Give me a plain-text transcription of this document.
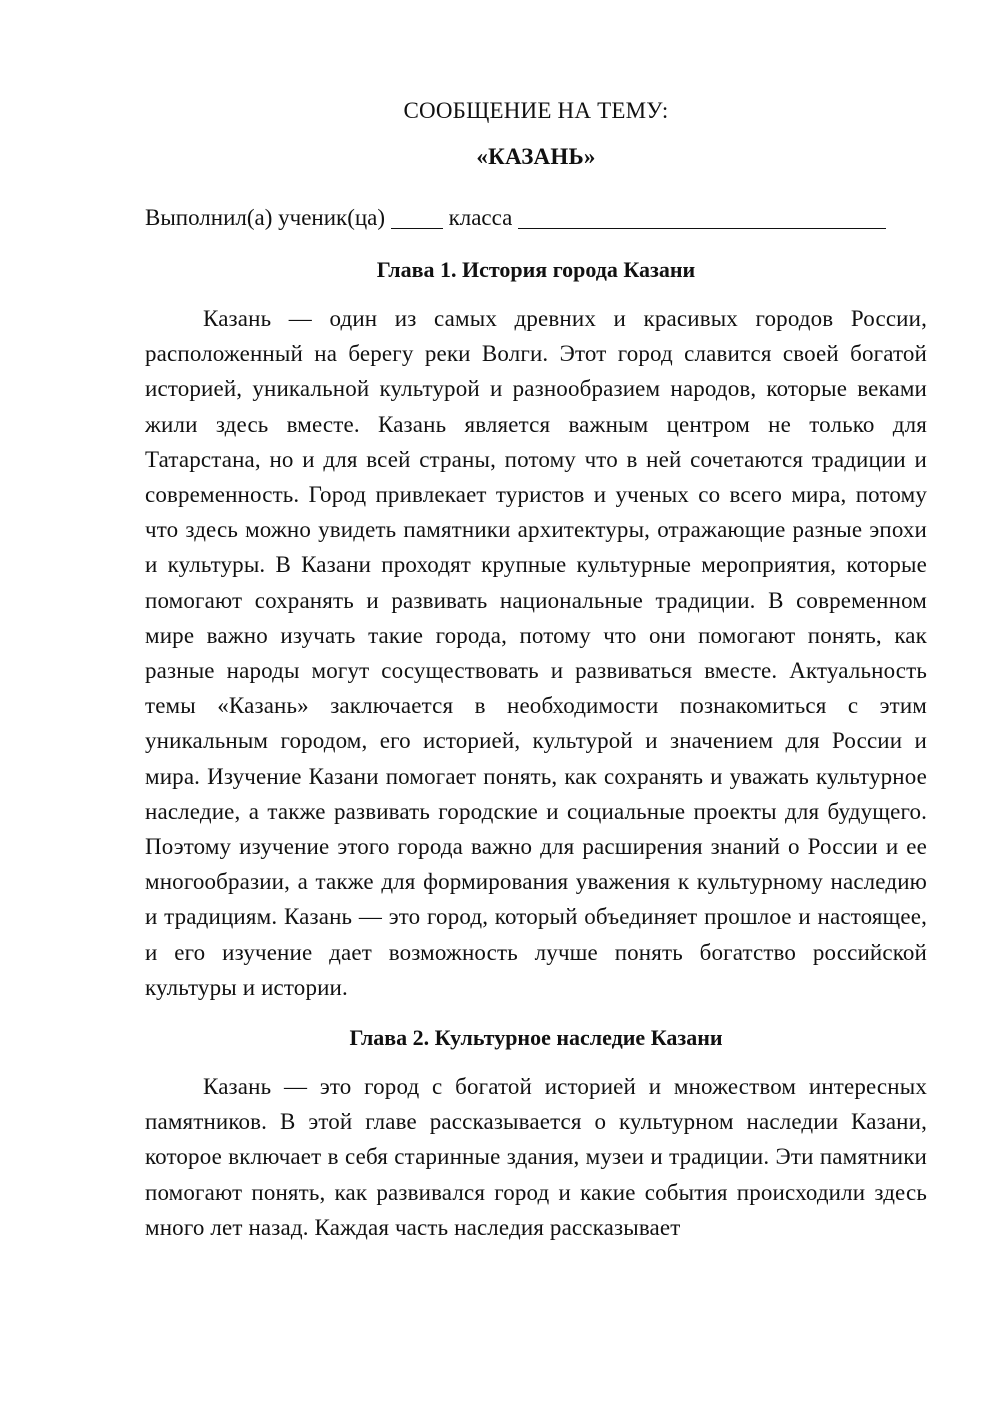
СООБЩЕНИЕ НА ТЕМУ:
«КАЗАНЬ»
Выполнил(а) ученик(ца)	класса
Глава 1. История города Казани

Казань — один из самых древних и красивых городов России, расположенный на берегу реки Волги. Этот город славится своей богатой историей, уникальной культурой и разнообразием народов, которые веками жили здесь вместе. Казань является важным центром не только для Татарстана, но и для всей страны, потому что в ней сочетаются традиции и современность. Город привлекает туристов и ученых со всего мира, потому что здесь можно увидеть памятники архитектуры, отражающие разные эпохи и культуры. В Казани проходят крупные культурные мероприятия, которые помогают сохранять и развивать национальные традиции. В современном мире важно изучать такие города, потому что они помогают понять, как разные народы могут сосуществовать и развиваться вместе. Актуальность темы «Казань» заключается в необходимости познакомиться с этим уникальным городом, его историей, культурой и значением для России и мира. Изучение Казани помогает понять, как сохранять и уважать культурное наследие, а также развивать городские и социальные проекты для будущего. Поэтому изучение этого города важно для расширения знаний о России и ее многообразии, а также для формирования уважения к культурному наследию и традициям. Казань — это город, который объединяет прошлое и настоящее, и его изучение дает возможность лучше понять богатство российской культуры и истории.

Глава 2. Культурное наследие Казани

Казань — это город с богатой историей и множеством интересных памятников. В этой главе рассказывается о культурном наследии Казани, которое включает в себя старинные здания, музеи и традиции. Эти памятники помогают понять, как развивался город и какие события происходили здесь много лет назад. Каждая часть наследия рассказывает
